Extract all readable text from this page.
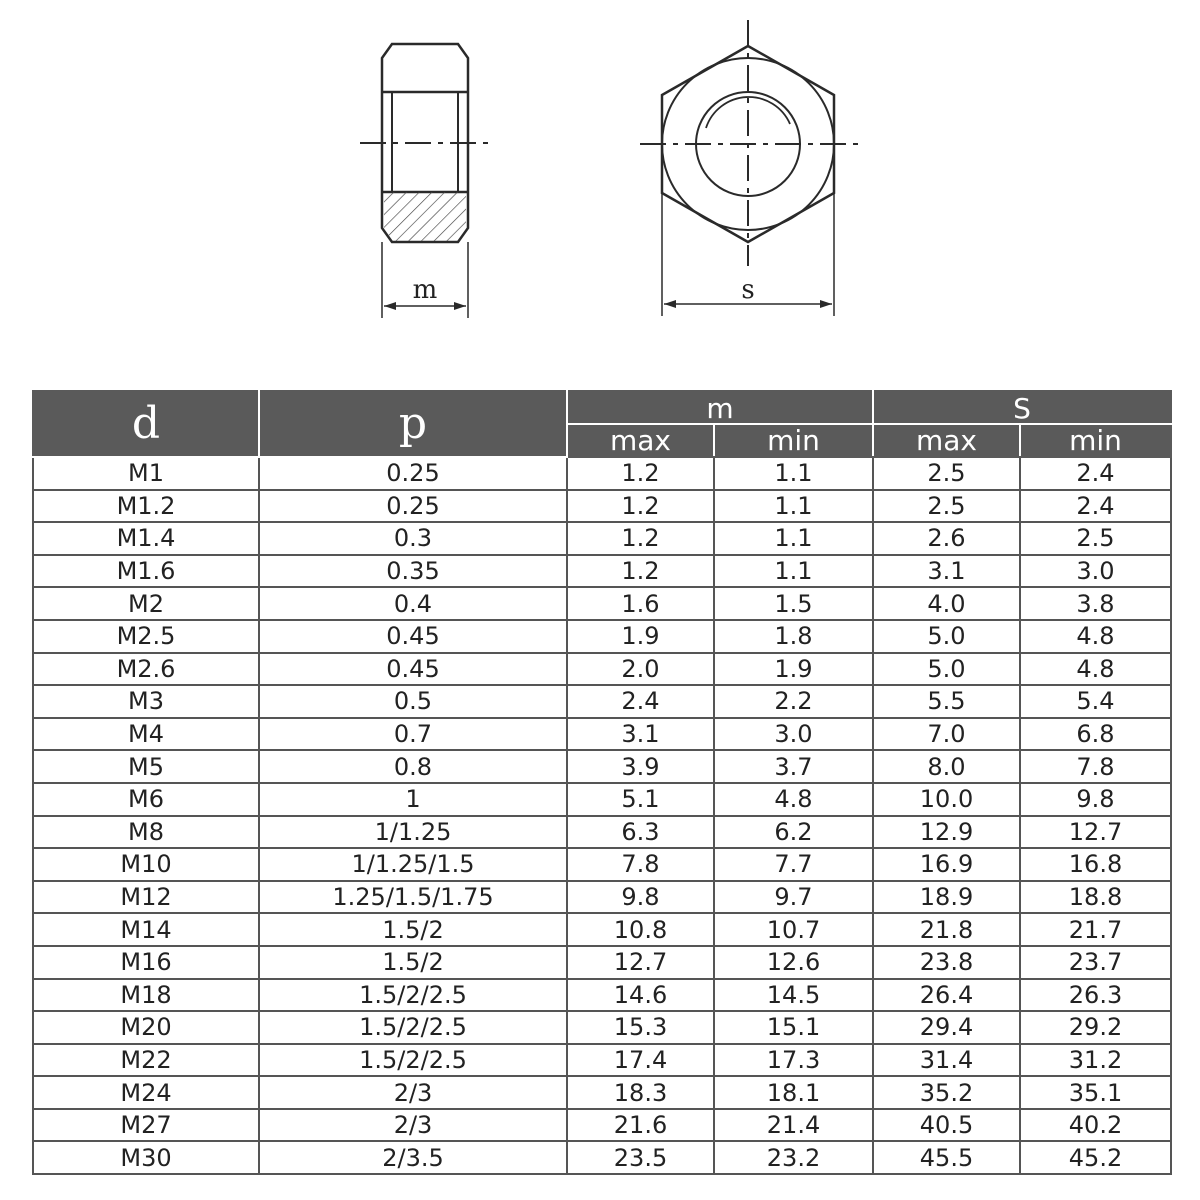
m	s
d	p	m		S	
		max	min	max	min
M1	0.25	1.2	1.1	2.5	2.4
M1.2	0.25	1.2	1.1	2.5	2.4
M1.4	0.3	1.2	1.1	2.6	2.5
M1.6	0.35	1.2	1.1	3.1	3.0
M2	0.4	1.6	1.5	4.0	3.8
M2.5	0.45	1.9	1.8	5.0	4.8
M2.6	0.45	2.0	1.9	5.0	4.8
M3	0.5	2.4	2.2	5.5	5.4
M4	0.7	3.1	3.0	7.0	6.8
M5	0.8	3.9	3.7	8.0	7.8
M6	1	5.1	4.8	10.0	9.8
M8	1/1.25	6.3	6.2	12.9	12.7
M10	1/1.25/1.5	7.8	7.7	16.9	16.8
M12	1.25/1.5/1.75	9.8	9.7	18.9	18.8
M14	1.5/2	10.8	10.7	21.8	21.7
M16	1.5/2	12.7	12.6	23.8	23.7
M18	1.5/2/2.5	14.6	14.5	26.4	26.3
M20	1.5/2/2.5	15.3	15.1	29.4	29.2
M22	1.5/2/2.5	17.4	17.3	31.4	31.2
M24	2/3	18.3	18.1	35.2	35.1
M27	2/3	21.6	21.4	40.5	40.2
M30	2/3.5	23.5	23.2	45.5	45.2
